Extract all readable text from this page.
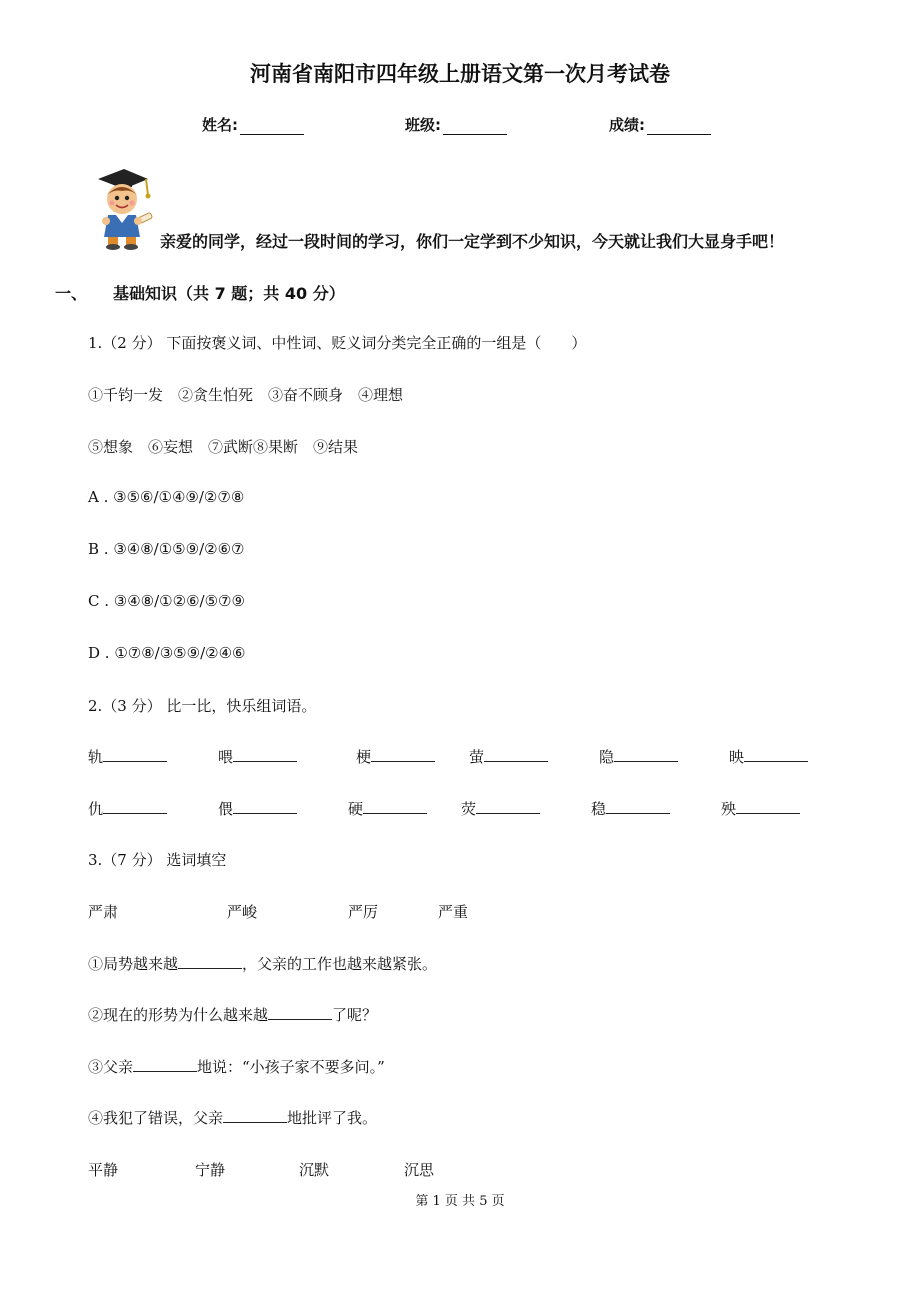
河南省南阳市四年级上册语文第一次月考试卷
姓名:	班级:	成绩:
亲爱的同学，经过一段时间的学习，你们一定学到不少知识，今天就让我们大显身手吧！
一、 基础知识（共 7 题；共 40 分）
1.（2 分） 下面按褒义词、中性词、贬义词分类完全正确的一组是（　　）
①千钧一发　②贪生怕死　③奋不顾身　④理想
⑤想象　⑥妄想　⑦武断⑧果断　⑨结果
A . ③⑤⑥/①④⑨/②⑦⑧
B . ③④⑧/①⑤⑨/②⑥⑦
C . ③④⑧/①②⑥/⑤⑦⑨
D . ①⑦⑧/③⑤⑨/②④⑥
2.（3 分） 比一比，快乐组词语。
轨	喂	梗	萤	隐	映
仇	偎	硬	荧	稳	殃
3.（7 分） 选词填空
严肃	严峻	严厉	严重
①局势越来越	，父亲的工作也越来越紧张。
②现在的形势为什么越来越	了呢？
③父亲	地说：“小孩子家不要多问。”
④我犯了错误，父亲	地批评了我。
平静	宁静	沉默	沉思
第 1 页 共 5 页
